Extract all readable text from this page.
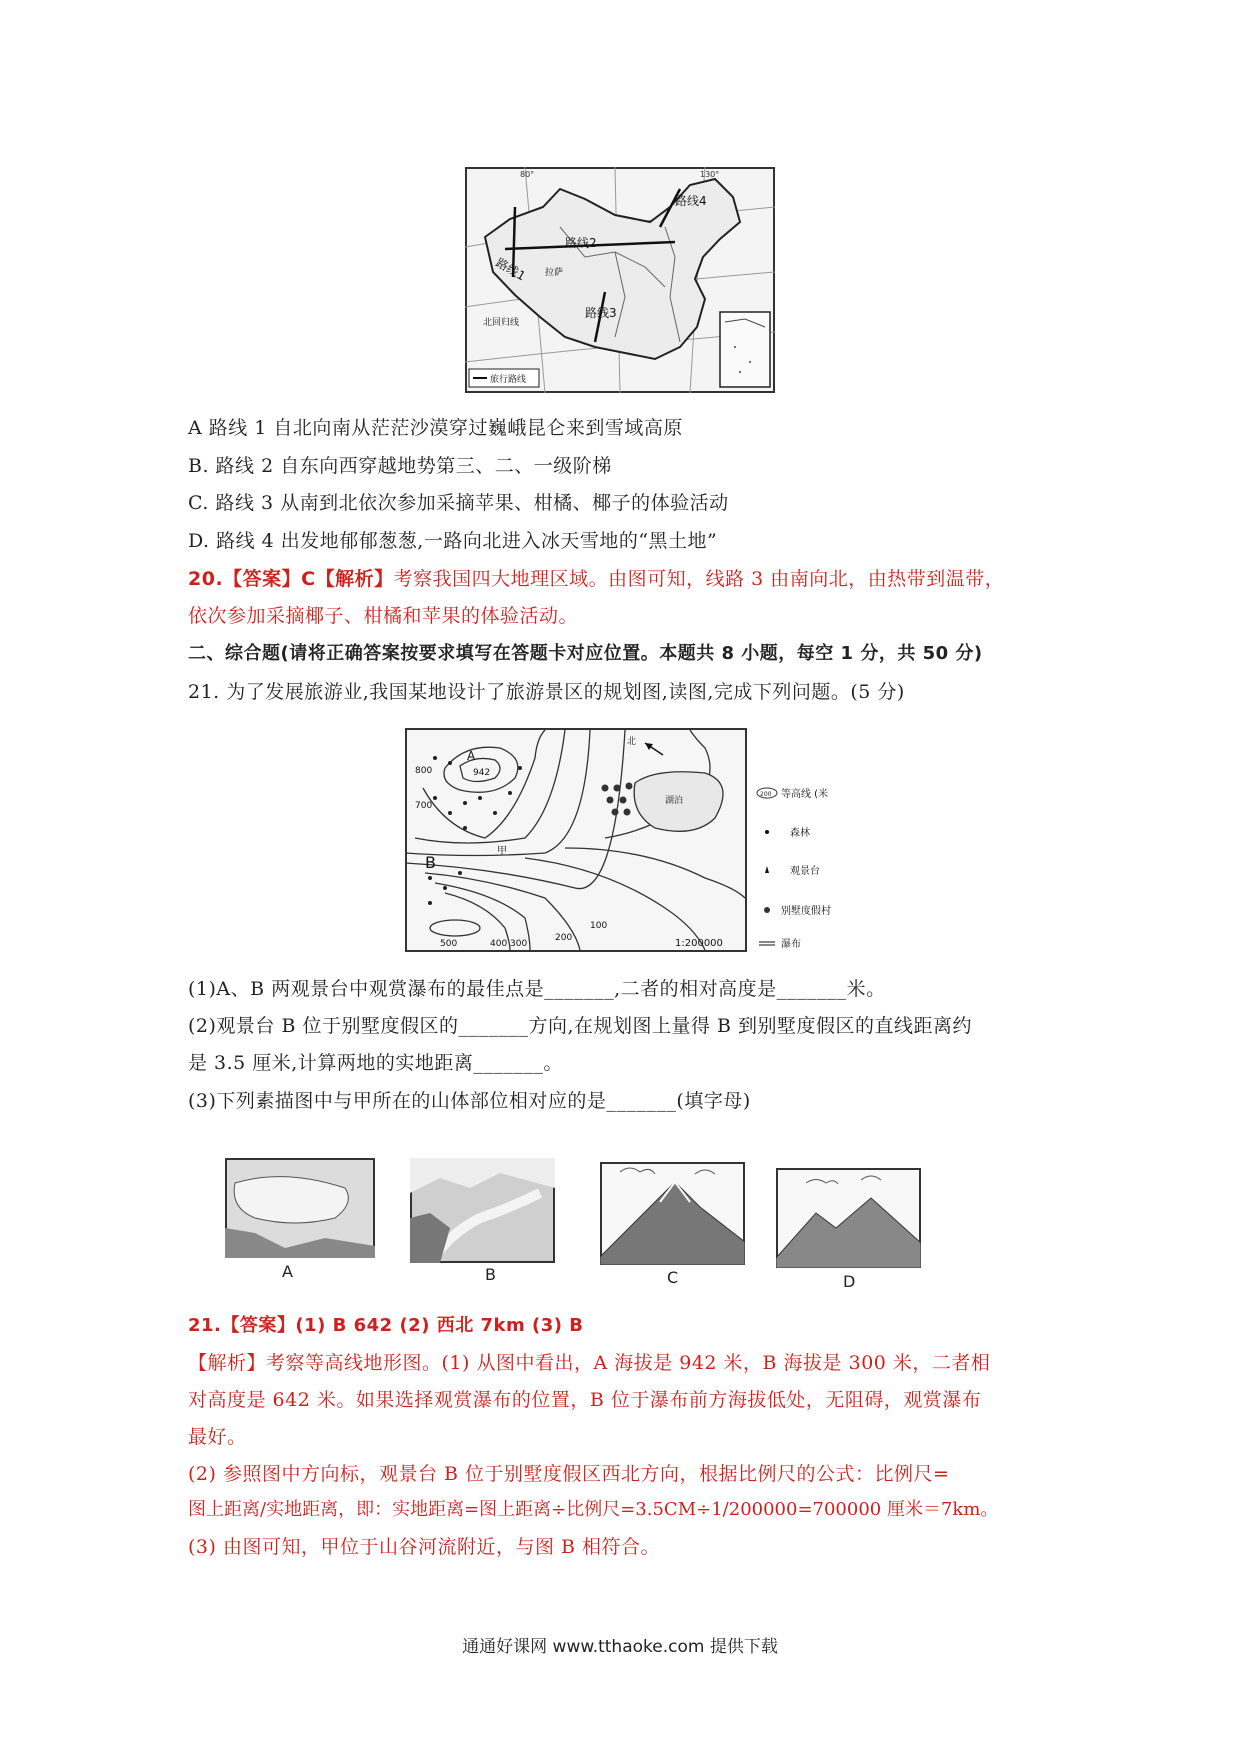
路线1
路线2
路线3
路线4
拉萨
北回归线
80°	130°
旅行路线
A 路线 1 自北向南从茫茫沙漠穿过巍峨昆仑来到雪域高原
B. 路线 2 自东向西穿越地势第三、二、一级阶梯
C. 路线 3 从南到北依次参加采摘苹果、柑橘、椰子的体验活动
D. 路线 4 出发地郁郁葱葱,一路向北进入冰天雪地的“黑土地”
20.【答案】C【解析】考察我国四大地理区域。由图可知，线路 3 由南向北，由热带到温带，
依次参加采摘椰子、柑橘和苹果的体验活动。
二、综合题(请将正确答案按要求填写在答题卡对应位置。本题共 8 小题，每空 1 分，共 50 分)
21. 为了发展旅游业,我国某地设计了旅游景区的规划图,读图,完成下列问题。(5 分)
湖泊
A
942
800
700
B
甲
500	400 300
200
100
1:200000
北
200 等高线 (米
森林
观景台
别墅度假村
瀑布
(1)A、B 两观景台中观赏瀑布的最佳点是_______,二者的相对高度是_______米。
(2)观景台 B 位于别墅度假区的_______方向,在规划图上量得 B 到别墅度假区的直线距离约
是 3.5 厘米,计算两地的实地距离_______。
(3)下列素描图中与甲所在的山体部位相对应的是_______(填字母)
A	B	C	D
21.【答案】(1) B 642 (2) 西北 7km (3) B
【解析】考察等高线地形图。(1) 从图中看出，A 海拔是 942 米，B 海拔是 300 米，二者相
对高度是 642 米。如果选择观赏瀑布的位置，B 位于瀑布前方海拔低处，无阻碍，观赏瀑布
最好。
(2) 参照图中方向标，观景台 B 位于别墅度假区西北方向，根据比例尺的公式：比例尺=
图上距离/实地距离，即：实地距离=图上距离÷比例尺=3.5CM÷1/200000=700000 厘米＝7km。
(3) 由图可知，甲位于山谷河流附近，与图 B 相符合。
通通好课网 www.tthaoke.com 提供下载
